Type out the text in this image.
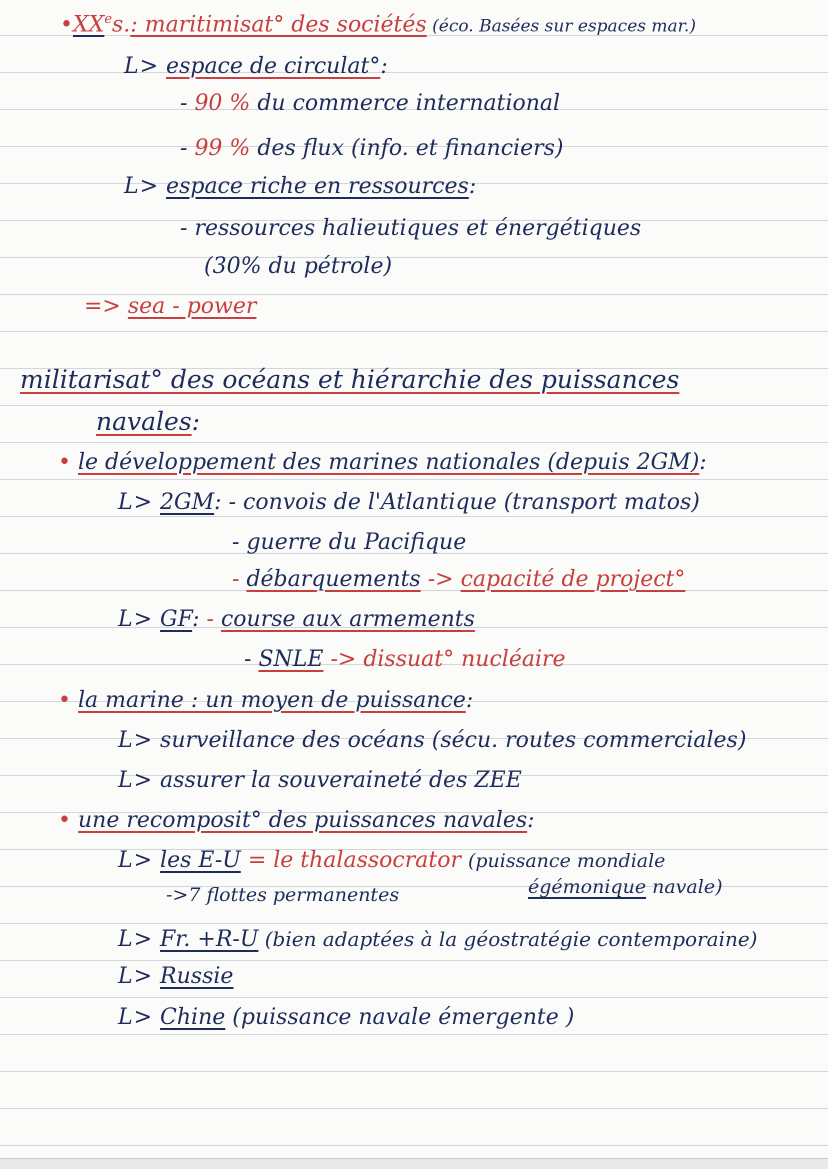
•XXes.: maritimisat° des sociétés (éco. Basées sur espaces mar.)
L> espace de circulat°:
- 90 % du commerce international
- 99 % des flux (info. et financiers)
L> espace riche en ressources:
- ressources halieutiques et énergétiques
(30% du pétrole)
=> sea - power
militarisat° des océans et hiérarchie des puissances
navales:
• le développement des marines nationales (depuis 2GM):
L> 2GM: - convois de l'Atlantique (transport matos)
- guerre du Pacifique
- débarquements -> capacité de project°
L> GF: - course aux armements
- SNLE -> dissuat° nucléaire
• la marine : un moyen de puissance:
L> surveillance des océans (sécu. routes commerciales)
L> assurer la souveraineté des ZEE
• une recomposit° des puissances navales:
L> les E-U = le thalassocrator (puissance mondiale
->7 flottes permanentes	égémonique navale)
L> Fr. +R-U (bien adaptées à la géostratégie contemporaine)
L> Russie
L> Chine (puissance navale émergente )
